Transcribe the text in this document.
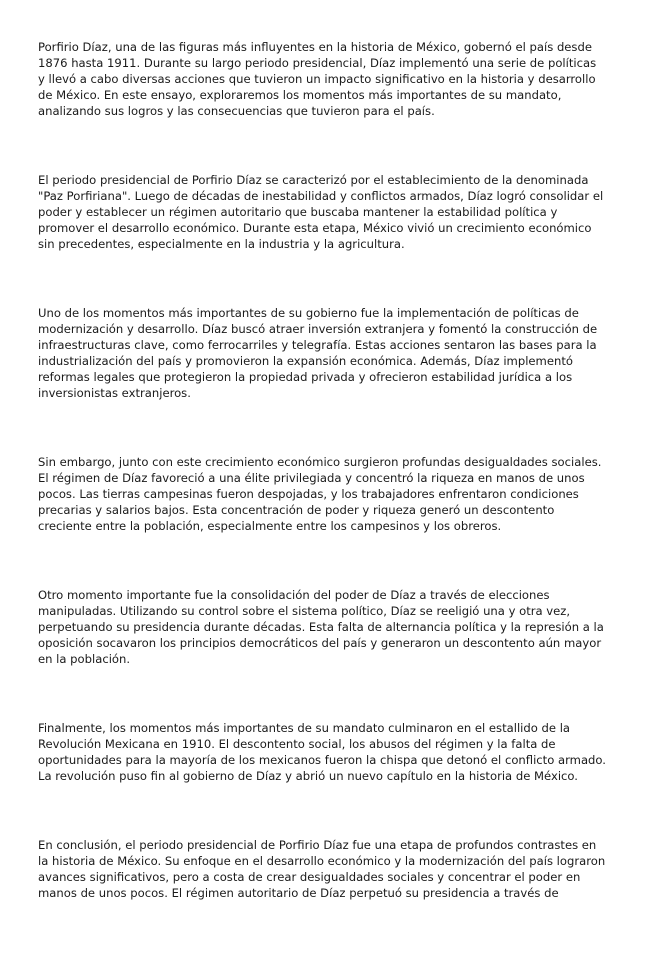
Porfirio Díaz, una de las figuras más influyentes en la historia de México, gobernó el país desde
1876 hasta 1911. Durante su largo periodo presidencial, Díaz implementó una serie de políticas
y llevó a cabo diversas acciones que tuvieron un impacto significativo en la historia y desarrollo
de México. En este ensayo, exploraremos los momentos más importantes de su mandato,
analizando sus logros y las consecuencias que tuvieron para el país.

El periodo presidencial de Porfirio Díaz se caracterizó por el establecimiento de la denominada
"Paz Porfiriana". Luego de décadas de inestabilidad y conflictos armados, Díaz logró consolidar el
poder y establecer un régimen autoritario que buscaba mantener la estabilidad política y
promover el desarrollo económico. Durante esta etapa, México vivió un crecimiento económico
sin precedentes, especialmente en la industria y la agricultura.

Uno de los momentos más importantes de su gobierno fue la implementación de políticas de
modernización y desarrollo. Díaz buscó atraer inversión extranjera y fomentó la construcción de
infraestructuras clave, como ferrocarriles y telegrafía. Estas acciones sentaron las bases para la
industrialización del país y promovieron la expansión económica. Además, Díaz implementó
reformas legales que protegieron la propiedad privada y ofrecieron estabilidad jurídica a los
inversionistas extranjeros.

Sin embargo, junto con este crecimiento económico surgieron profundas desigualdades sociales.
El régimen de Díaz favoreció a una élite privilegiada y concentró la riqueza en manos de unos
pocos. Las tierras campesinas fueron despojadas, y los trabajadores enfrentaron condiciones
precarias y salarios bajos. Esta concentración de poder y riqueza generó un descontento
creciente entre la población, especialmente entre los campesinos y los obreros.

Otro momento importante fue la consolidación del poder de Díaz a través de elecciones
manipuladas. Utilizando su control sobre el sistema político, Díaz se reeligió una y otra vez,
perpetuando su presidencia durante décadas. Esta falta de alternancia política y la represión a la
oposición socavaron los principios democráticos del país y generaron un descontento aún mayor
en la población.

Finalmente, los momentos más importantes de su mandato culminaron en el estallido de la
Revolución Mexicana en 1910. El descontento social, los abusos del régimen y la falta de
oportunidades para la mayoría de los mexicanos fueron la chispa que detonó el conflicto armado.
La revolución puso fin al gobierno de Díaz y abrió un nuevo capítulo en la historia de México.

En conclusión, el periodo presidencial de Porfirio Díaz fue una etapa de profundos contrastes en
la historia de México. Su enfoque en el desarrollo económico y la modernización del país lograron
avances significativos, pero a costa de crear desigualdades sociales y concentrar el poder en
manos de unos pocos. El régimen autoritario de Díaz perpetuó su presidencia a través de
